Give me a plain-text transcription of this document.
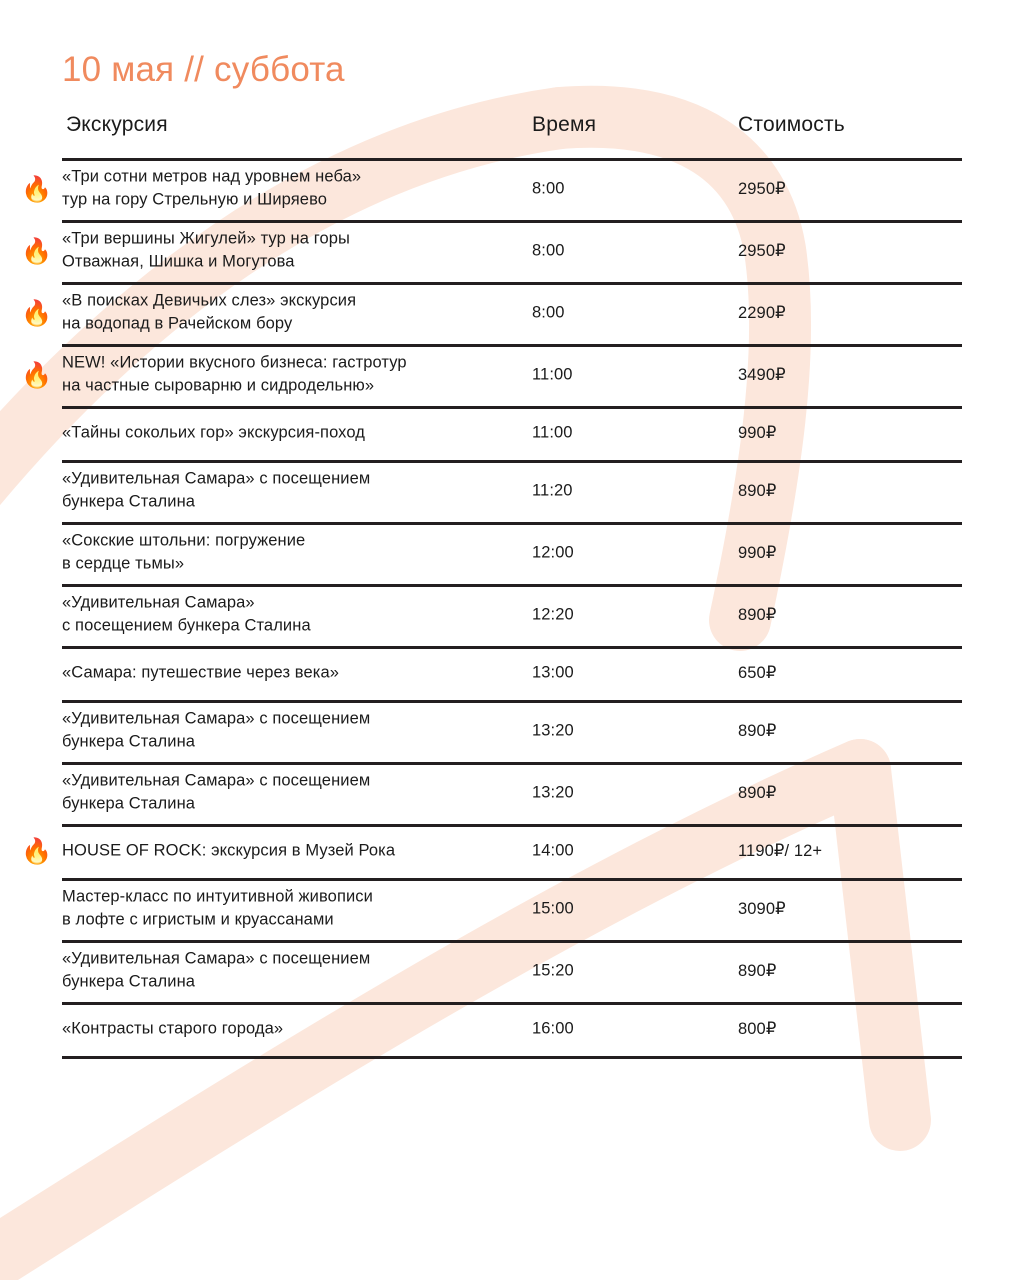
10 мая // суббота
Экскурсия	Время	Стоимость
🔥 «Три сотни метров над уровнем неба»
тур на гору Стрельную и Ширяево
8:00	2950₽
🔥 «Три вершины Жигулей» тур на горы
Отважная, Шишка и Могутова
8:00	2950₽
🔥 «В поисках Девичьих слез» экскурсия
на водопад в Рачейском бору
8:00	2290₽
🔥 NEW! «Истории вкусного бизнеса: гастротур
на частные сыроварню и сидродельню»
11:00	3490₽
«Тайны сокольих гор» экскурсия-поход	11:00	990₽
«Удивительная Самара» с посещением
бункера Сталина
11:20	890₽
«Сокские штольни: погружение
в сердце тьмы»
12:00	990₽
«Удивительная Самара»
с посещением бункера Сталина
12:20	890₽
«Самара: путешествие через века»	13:00	650₽
«Удивительная Самара» с посещением
бункера Сталина
13:20	890₽
«Удивительная Самара» с посещением
бункера Сталина
13:20	890₽
🔥 HOUSE OF ROCK: экскурсия в Музей Рока	14:00	1190₽/ 12+
Мастер-класс по интуитивной живописи
в лофте с игристым и круассанами
15:00	3090₽
«Удивительная Самара» с посещением
бункера Сталина
15:20	890₽
«Контрасты старого города»	16:00	800₽
